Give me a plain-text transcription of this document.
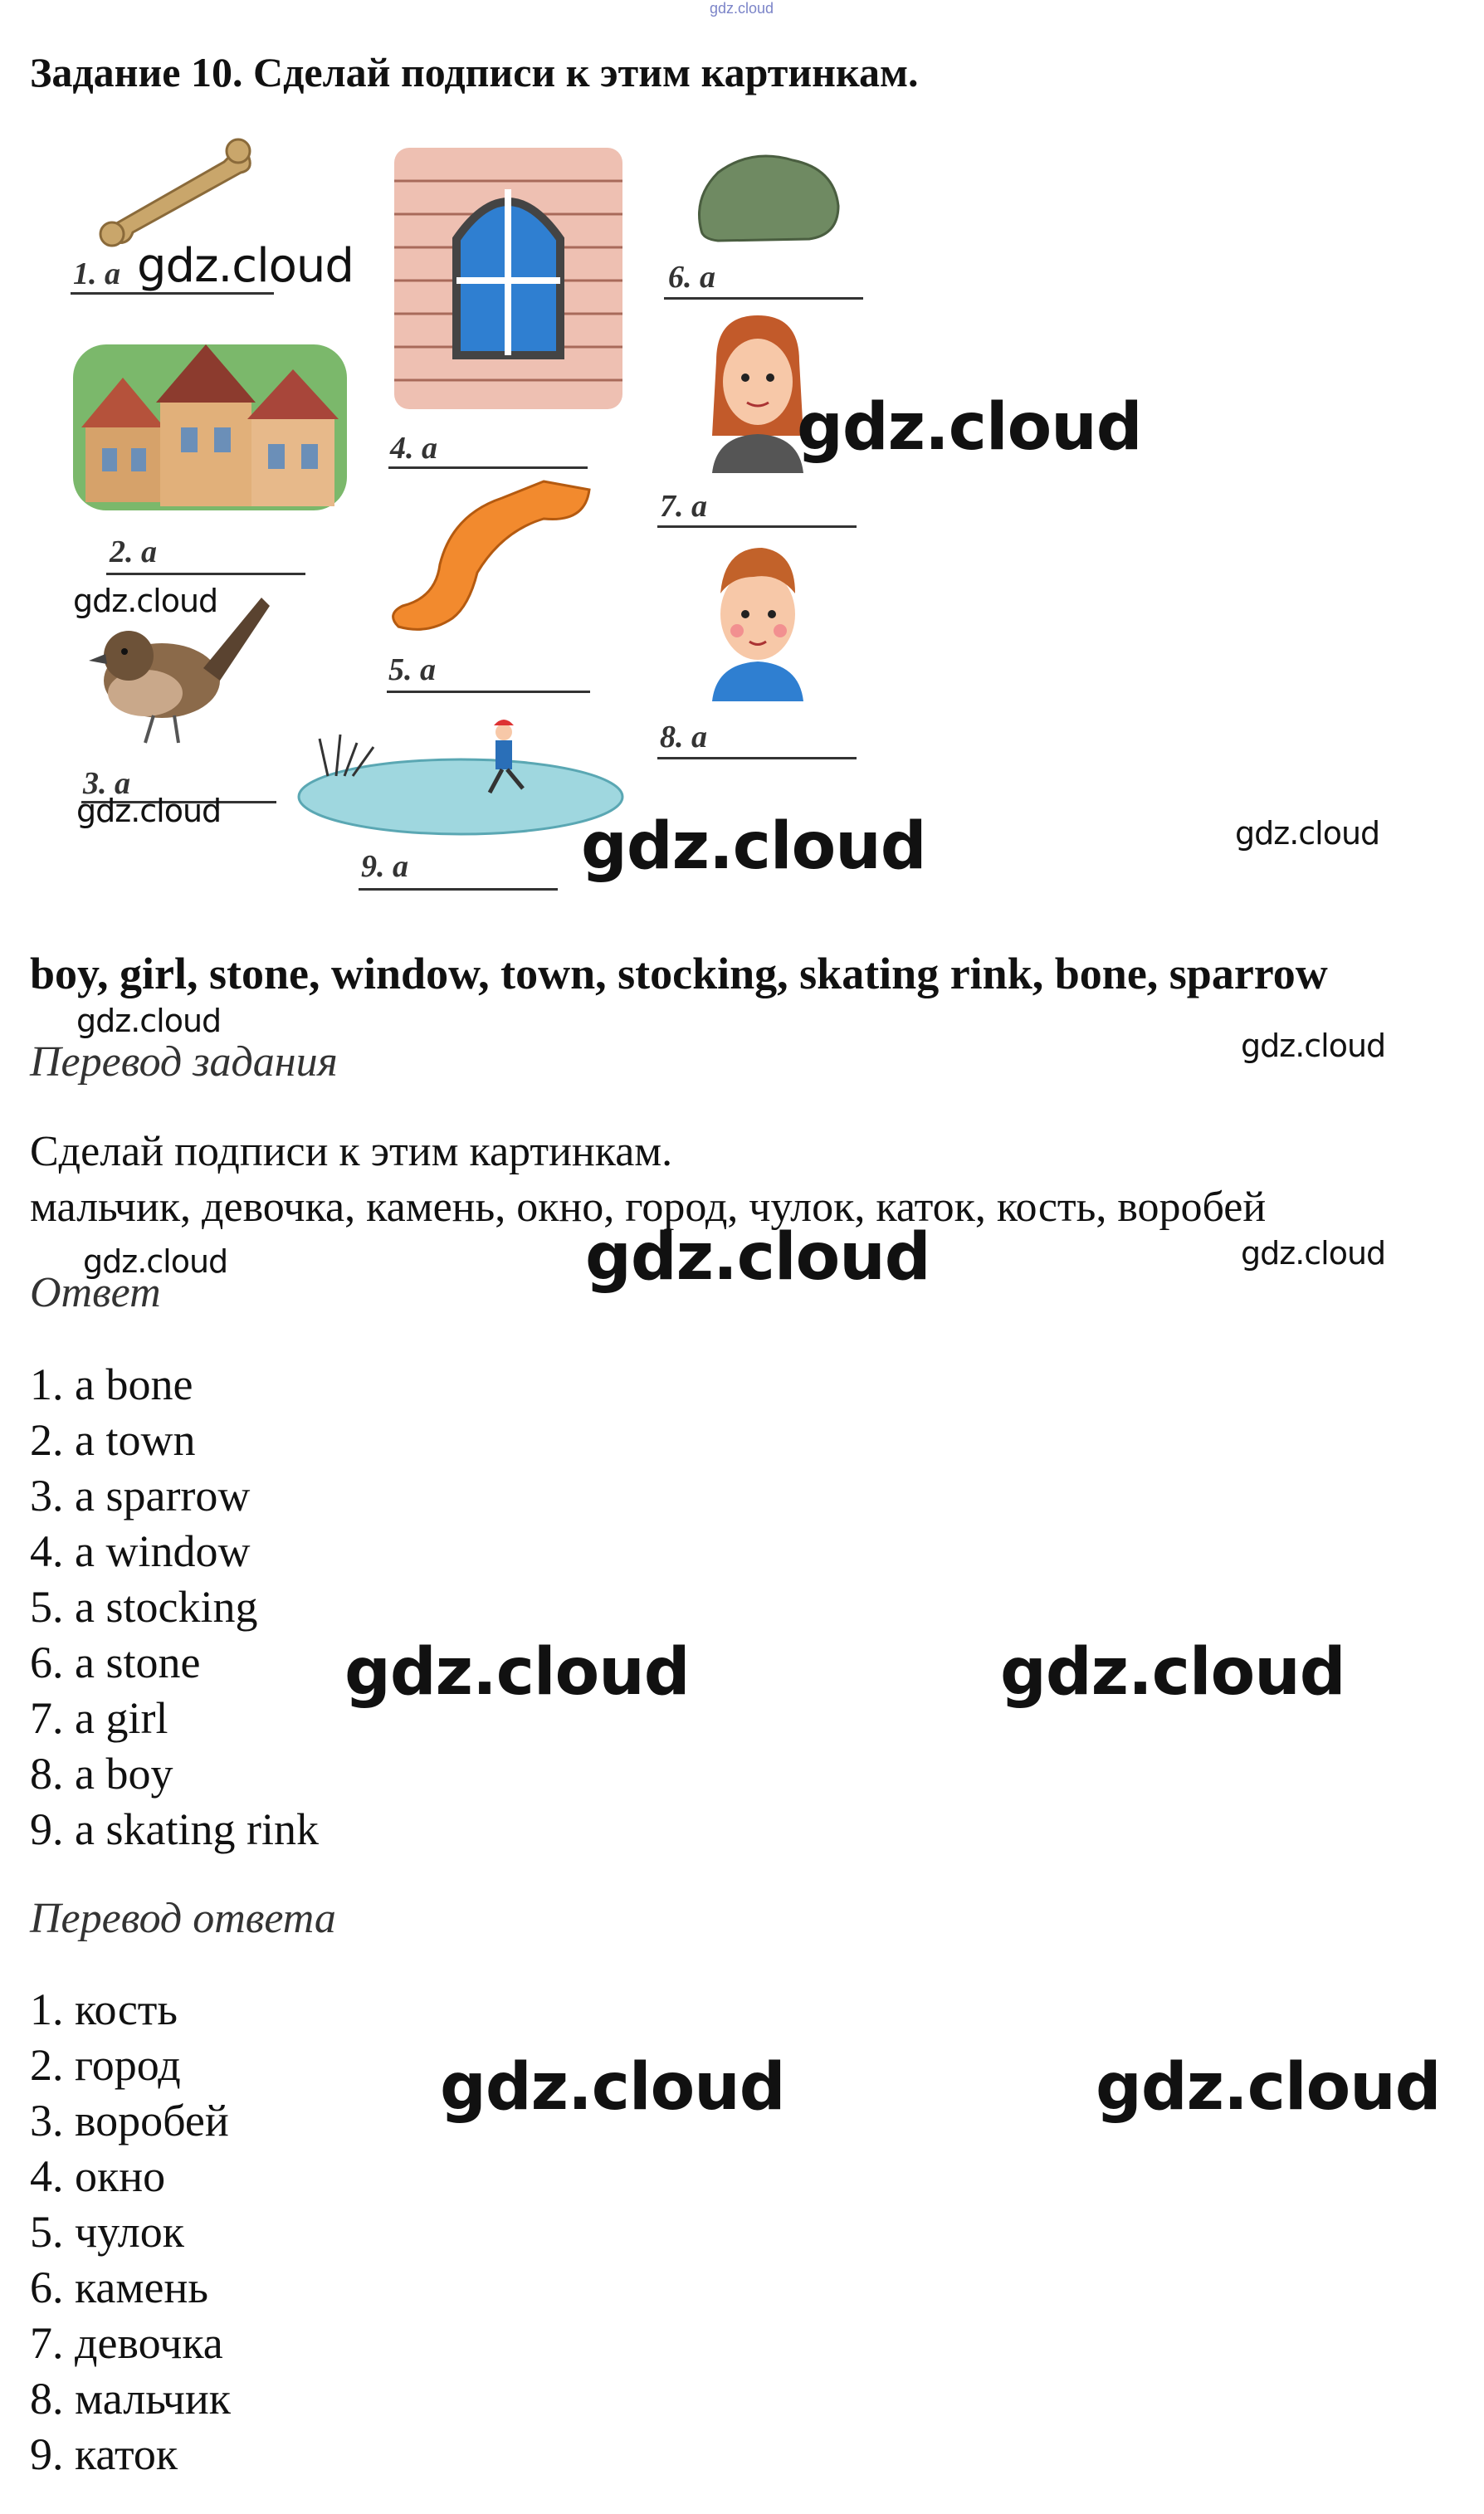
gdz.cloud
Задание 10. Сделай подписи к этим картинкам.
1. a
2. a
3. a
4. a
5. a
6. a
7. a
8. a
9. a
boy, girl, stone, window, town, stocking, skating rink, bone, sparrow
Перевод задания
Сделай подписи к этим картинкам.
мальчик, девочка, камень, окно, город, чулок, каток, кость, воробей
Ответ
1. a bone
2. a town
3. a sparrow
4. a window
5. a stocking
6. a stone
7. a girl
8. a boy
9. a skating rink
Перевод ответа
1. кость
2. город
3. воробей
4. окно
5. чулок
6. камень
7. девочка
8. мальчик
9. каток
gdz.cloud
gdz.cloud
gdz.cloud
gdz.cloud	gdz.cloud	gdz.cloud
gdz.cloud
gdz.cloud
gdz.cloud	gdz.cloud	gdz.cloud
gdz.cloud	gdz.cloud
gdz.cloud	gdz.cloud
